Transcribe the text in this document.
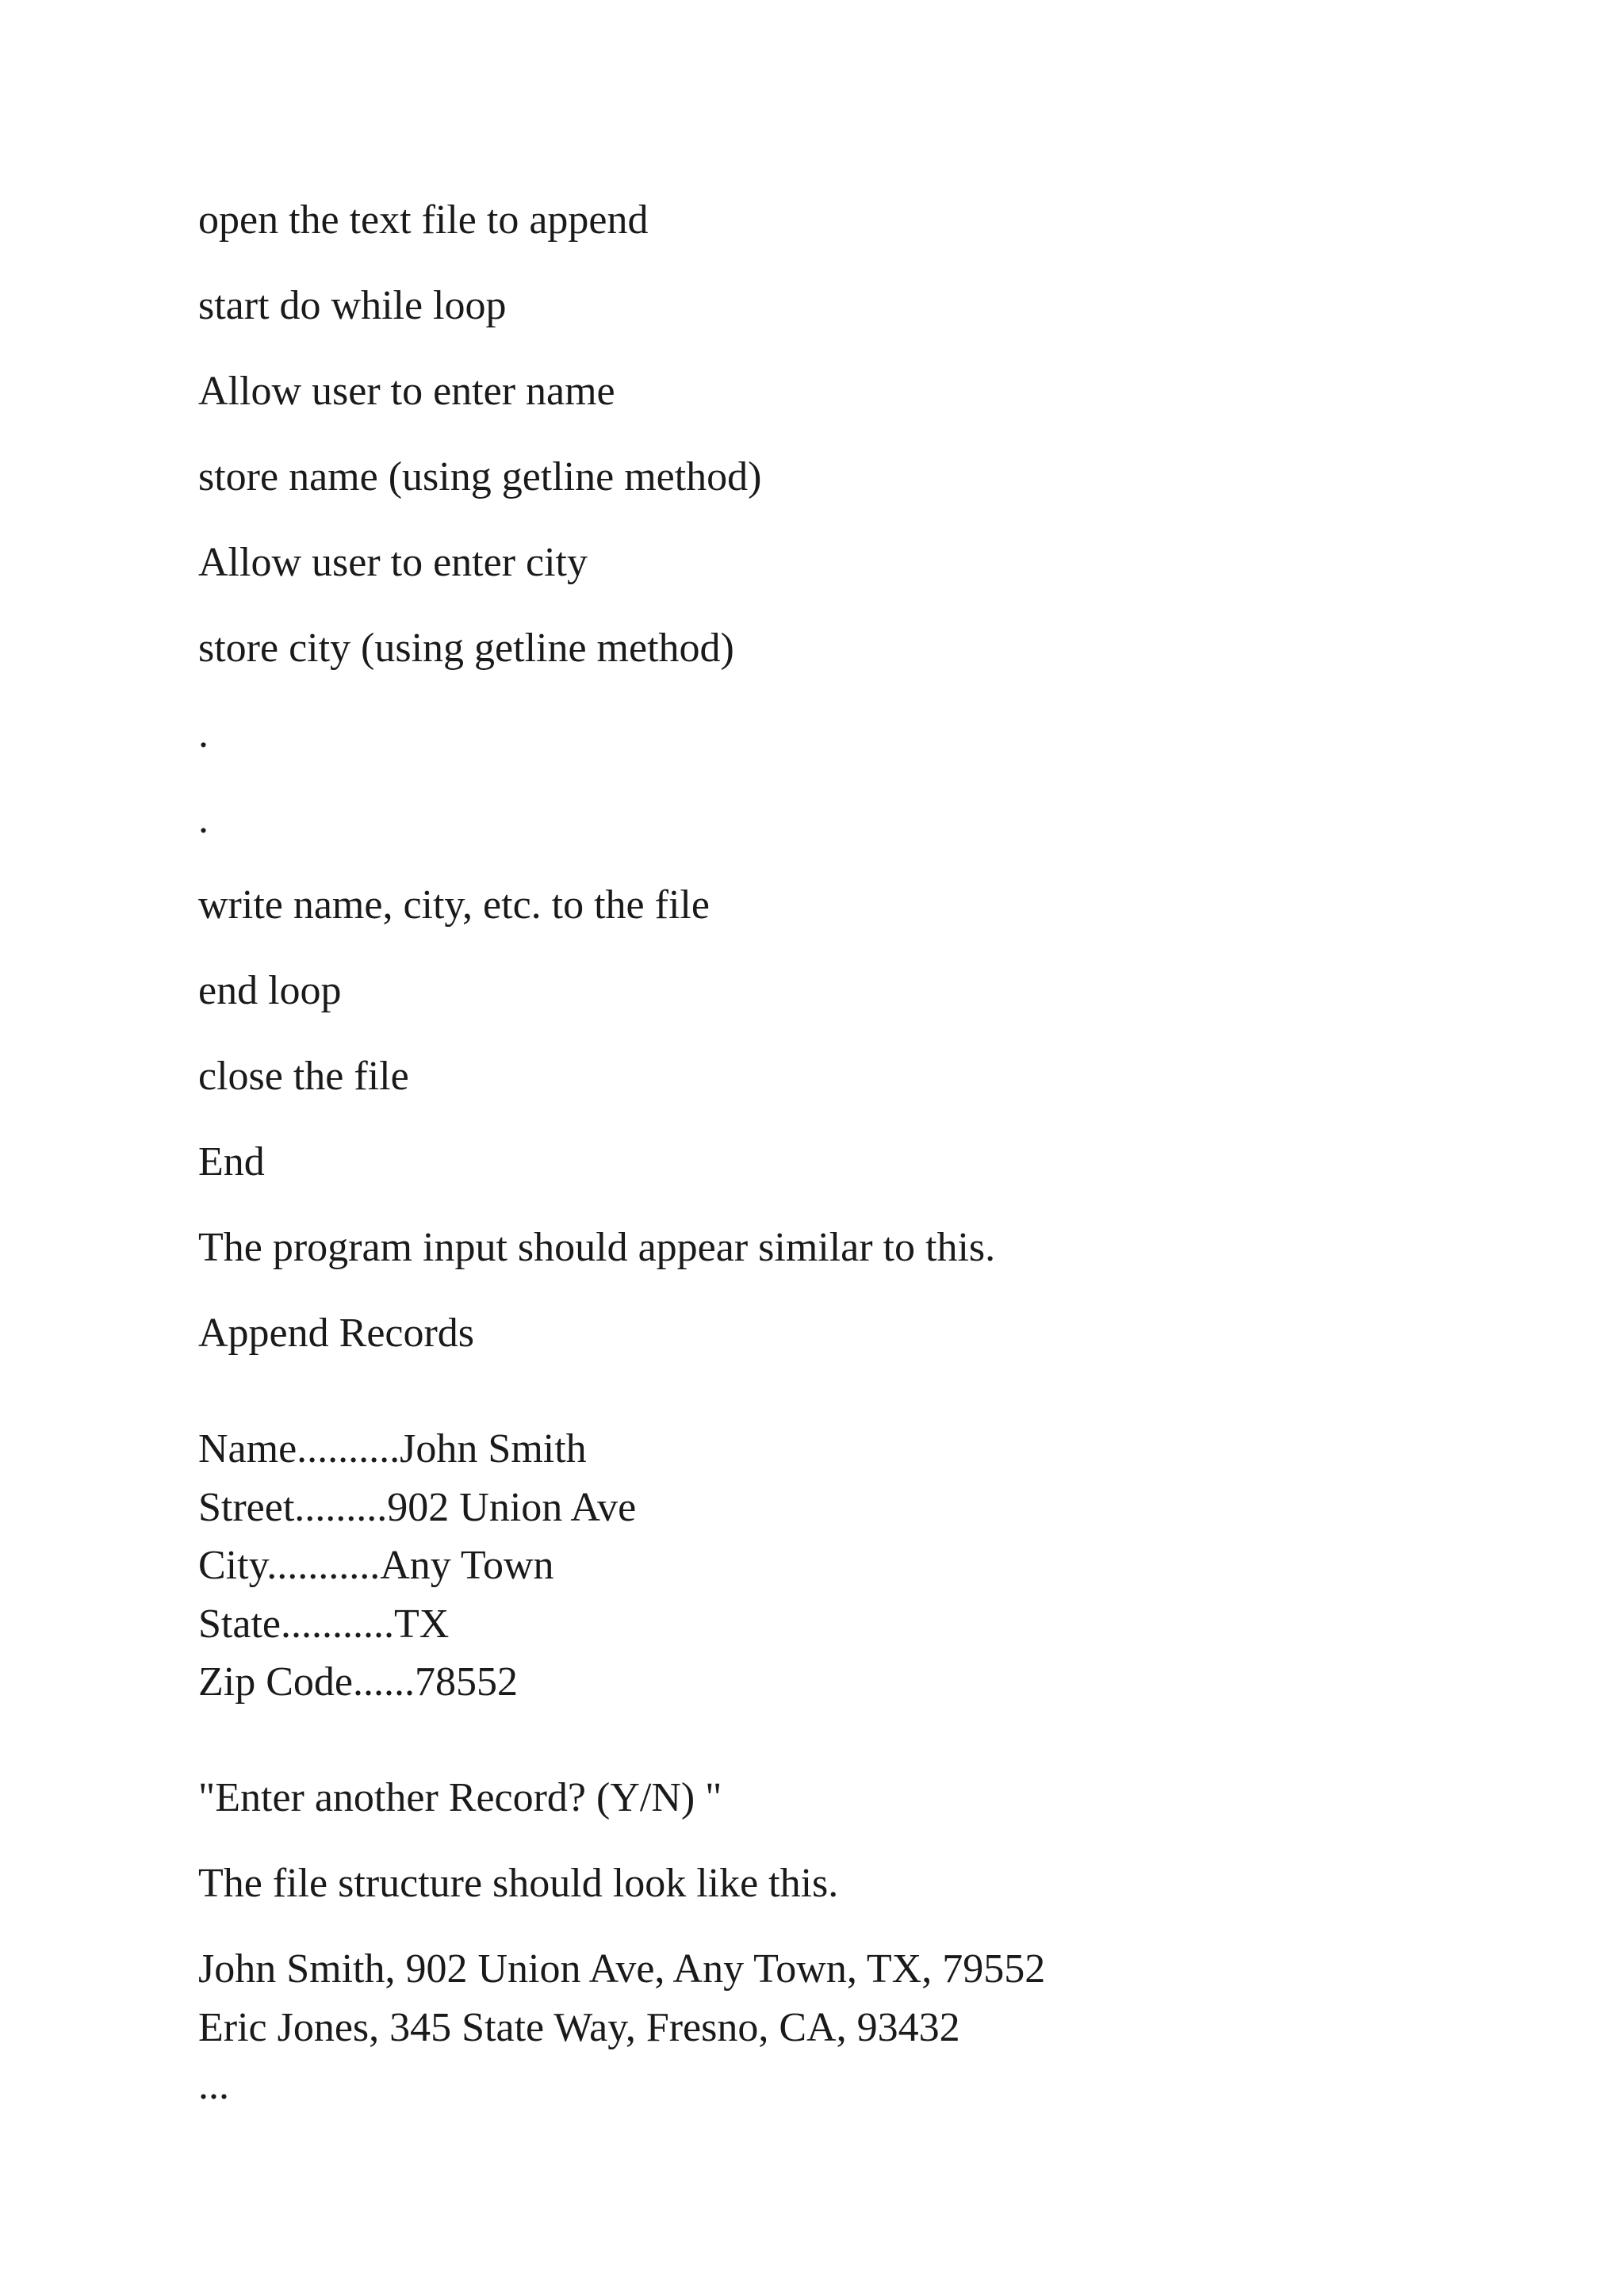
open the text file to append

start do while loop

Allow user to enter name

store name (using getline method)

Allow user to enter city

store city (using getline method)

.

.

write name, city, etc. to the file

end loop

close the file

End

The program input should appear similar to this.

Append Records

Name..........John Smith

Street.........902 Union Ave

City...........Any Town

State...........TX

Zip Code......78552

"Enter another Record? (Y/N) "

The file structure should look like this.

John Smith, 902 Union Ave, Any Town, TX, 79552

Eric Jones, 345 State Way, Fresno, CA, 93432

...
